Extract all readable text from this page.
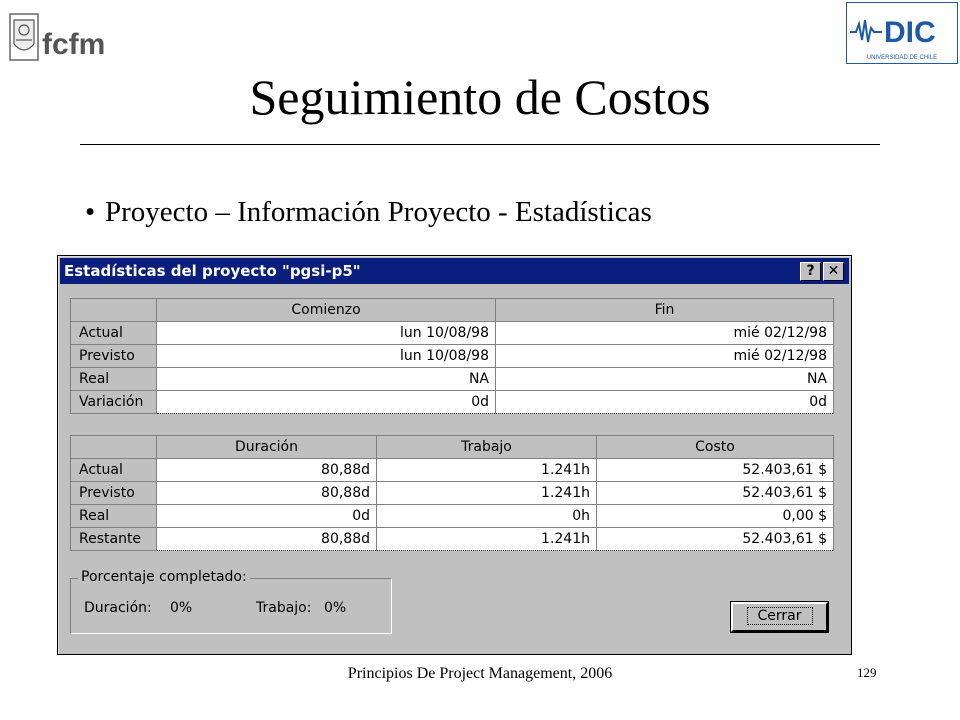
fcfm	DIC
UNIVERSIDAD DE CHILE
Seguimiento de Costos
• Proyecto – Información Proyecto - Estadísticas
Estadísticas del proyecto "pgsi-p5"	? ✕
	Comienzo	Fin
Actual	lun 10/08/98	mié 02/12/98
Previsto	lun 10/08/98	mié 02/12/98
Real	NA	NA
Variación	0d	0d
	Duración	Trabajo	Costo
Actual	80,88d	1.241h	52.403,61 $
Previsto	80,88d	1.241h	52.403,61 $
Real	0d	0h	0,00 $
Restante	80,88d	1.241h	52.403,61 $
Porcentaje completado:
Duración: 0%	Trabajo: 0%	Cerrar
Principios De Project Management, 2006	129
